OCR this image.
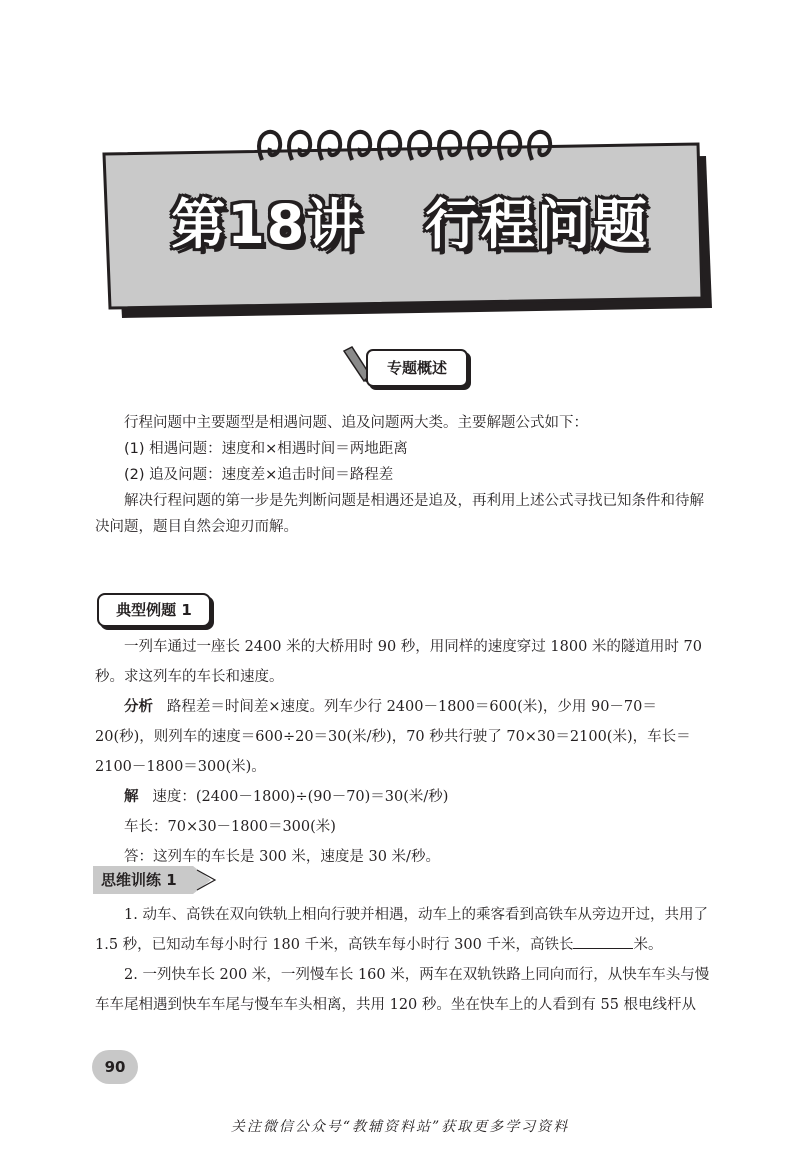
第18讲   行程问题
专题概述

行程问题中主要题型是相遇问题、追及问题两大类。主要解题公式如下：

(1) 相遇问题：速度和×相遇时间＝两地距离

(2) 追及问题：速度差×追击时间＝路程差

解决行程问题的第一步是先判断问题是相遇还是追及，再利用上述公式寻找已知条件和待解决问题，题目自然会迎刃而解。

典型例题 1

一列车通过一座长 2400 米的大桥用时 90 秒，用同样的速度穿过 1800 米的隧道用时 70 秒。求这列车的车长和速度。

分析 路程差＝时间差×速度。列车少行 2400－1800＝600(米)，少用 90－70＝20(秒)，则列车的速度＝600÷20＝30(米/秒)，70 秒共行驶了 70×30＝2100(米)，车长＝2100－1800＝300(米)。

解 速度：(2400－1800)÷(90－70)＝30(米/秒)

车长：70×30－1800＝300(米)

答：这列车的车长是 300 米，速度是 30 米/秒。

思维训练 1

1. 动车、高铁在双向铁轨上相向行驶并相遇，动车上的乘客看到高铁车从旁边开过，共用了1.5 秒，已知动车每小时行 180 千米，高铁车每小时行 300 千米，高铁长	米。

2. 一列快车长 200 米，一列慢车长 160 米，两车在双轨铁路上同向而行，从快车车头与慢车车尾相遇到快车车尾与慢车车头相离，共用 120 秒。坐在快车上的人看到有 55 根电线杆从

90
关注微信公众号“教辅资料站”获取更多学习资料
